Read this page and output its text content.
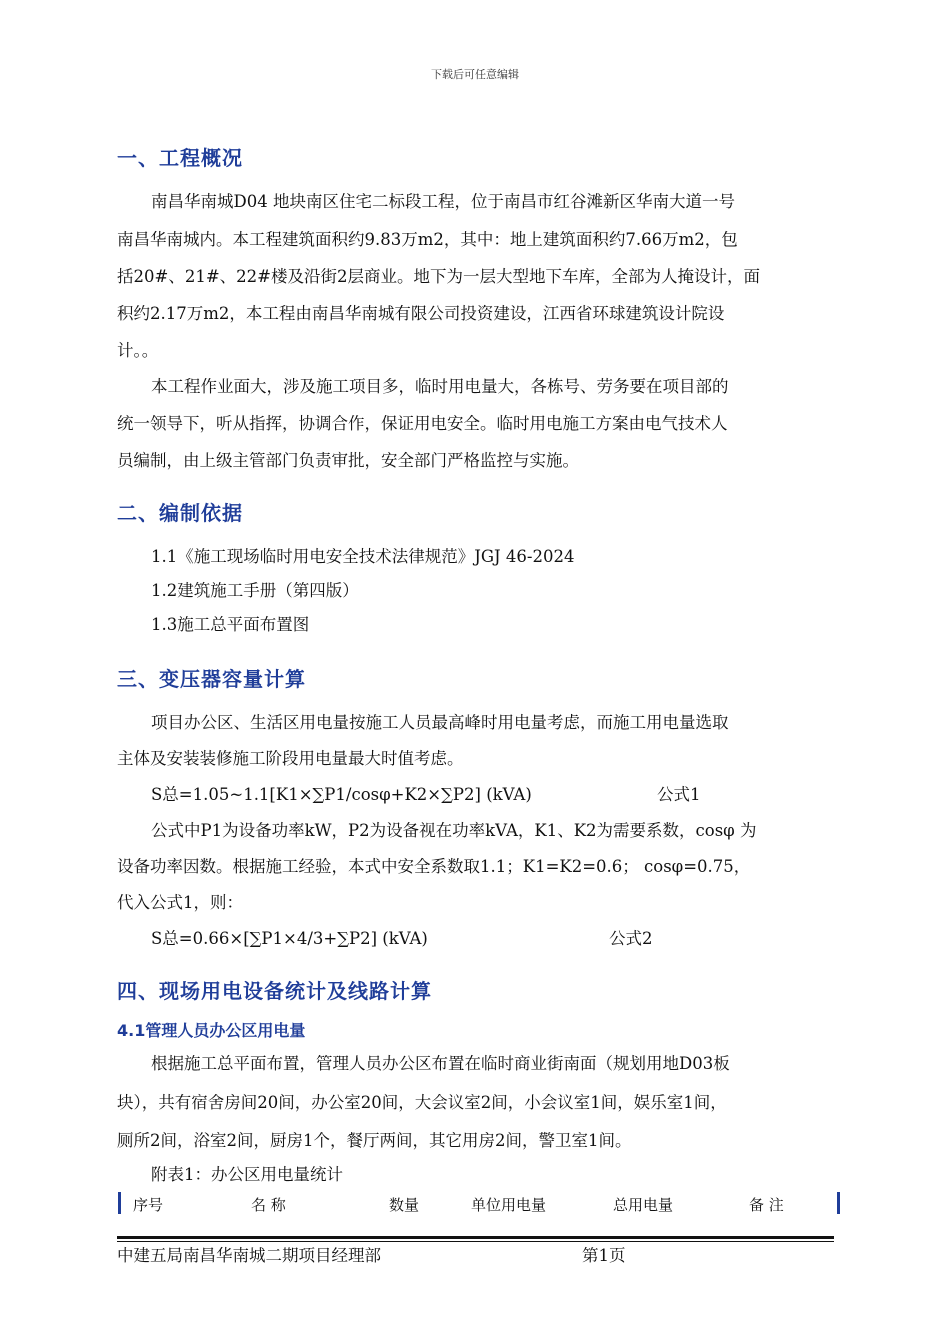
下载后可任意编辑
一、工程概况
南昌华南城D04 地块南区住宅二标段工程，位于南昌市红谷滩新区华南大道一号
南昌华南城内。本工程建筑面积约9.83万m2，其中：地上建筑面积约7.66万m2，包
括20#、21#、22#楼及沿街2层商业。地下为一层大型地下车库，全部为人掩设计，面
积约2.17万m2，本工程由南昌华南城有限公司投资建设，江西省环球建筑设计院设
计。。
本工程作业面大，涉及施工项目多，临时用电量大，各栋号、劳务要在项目部的
统一领导下，听从指挥，协调合作，保证用电安全。临时用电施工方案由电气技术人
员编制，由上级主管部门负责审批，安全部门严格监控与实施。
二、编制依据
1.1《施工现场临时用电安全技术法律规范》JGJ 46-2024
1.2建筑施工手册（第四版）
1.3施工总平面布置图
三、变压器容量计算
项目办公区、生活区用电量按施工人员最高峰时用电量考虑，而施工用电量选取
主体及安装装修施工阶段用电量最大时值考虑。
S总=1.05~1.1[K1×∑P1/cosφ+K2×∑P2] (kVA)	公式1
公式中P1为设备功率kW，P2为设备视在功率kVA，K1、K2为需要系数，cosφ 为
设备功率因数。根据施工经验，本式中安全系数取1.1；K1=K2=0.6； cosφ=0.75，
代入公式1，则：
S总=0.66×[∑P1×4/3+∑P2] (kVA)	公式2
四、现场用电设备统计及线路计算
4.1管理人员办公区用电量
根据施工总平面布置，管理人员办公区布置在临时商业街南面（规划用地D03板
块），共有宿舍房间20间，办公室20间，大会议室2间，小会议室1间，娱乐室1间，
厕所2间，浴室2间，厨房1个，餐厅两间，其它用房2间，警卫室1间。
附表1：办公区用电量统计
序号	名 称	数量	单位用电量	总用电量	备 注
中建五局南昌华南城二期项目经理部	第1页
